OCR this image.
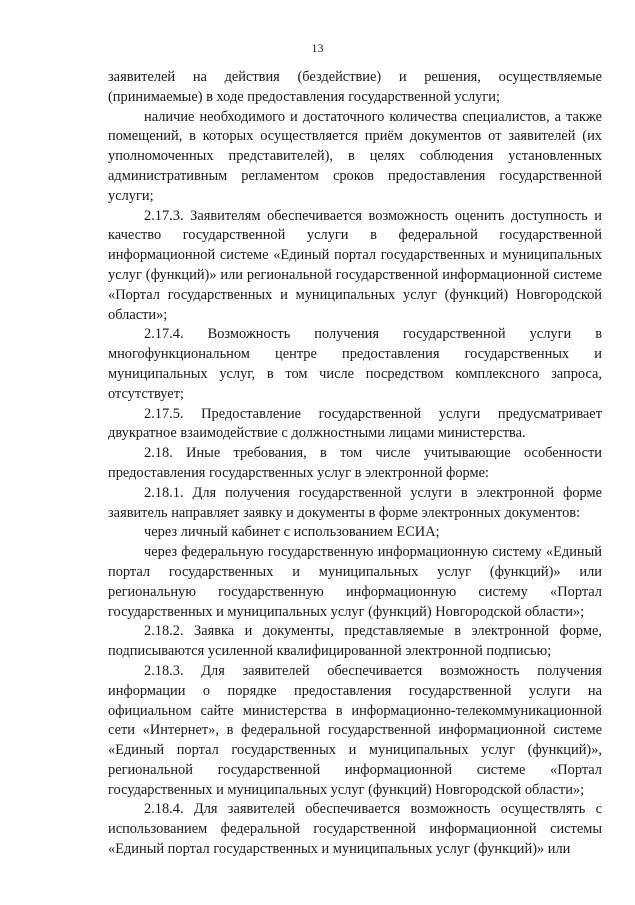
13

заявителей на действия (бездействие) и решения, осуществляемые (принимаемые) в ходе предоставления государственной услуги;

наличие необходимого и достаточного количества специалистов, а также помещений, в которых осуществляется приём документов от заявителей (их уполномоченных представителей), в целях соблюдения установленных административным регламентом сроков предоставления государственной услуги;

2.17.3. Заявителям обеспечивается возможность оценить доступность и качество государственной услуги в федеральной государственной информационной системе «Единый портал государственных и муниципальных услуг (функций)» или региональной государственной информационной системе «Портал государственных и муниципальных услуг (функций) Новгородской области»;

2.17.4. Возможность получения государственной услуги в многофункциональном центре предоставления государственных и муниципальных услуг, в том числе посредством комплексного запроса, отсутствует;

2.17.5. Предоставление государственной услуги предусматривает двукратное взаимодействие с должностными лицами министерства.

2.18. Иные требования, в том числе учитывающие особенности предоставления государственных услуг в электронной форме:

2.18.1. Для получения государственной услуги в электронной форме заявитель направляет заявку и документы в форме электронных документов:

через личный кабинет с использованием ЕСИА;

через федеральную государственную информационную систему «Единый портал государственных и муниципальных услуг (функций)» или региональную государственную информационную систему «Портал государственных и муниципальных услуг (функций) Новгородской области»;

2.18.2. Заявка и документы, представляемые в электронной форме, подписываются усиленной квалифицированной электронной подписью;

2.18.3. Для заявителей обеспечивается возможность получения информации о порядке предоставления государственной услуги на официальном сайте министерства в информационно-телекоммуникационной сети «Интернет», в федеральной государственной информационной системе «Единый портал государственных и муниципальных услуг (функций)», региональной государственной информационной системе «Портал государственных и муниципальных услуг (функций) Новгородской области»;

2.18.4. Для заявителей обеспечивается возможность осуществлять с использованием федеральной государственной информационной системы «Единый портал государственных и муниципальных услуг (функций)» или
